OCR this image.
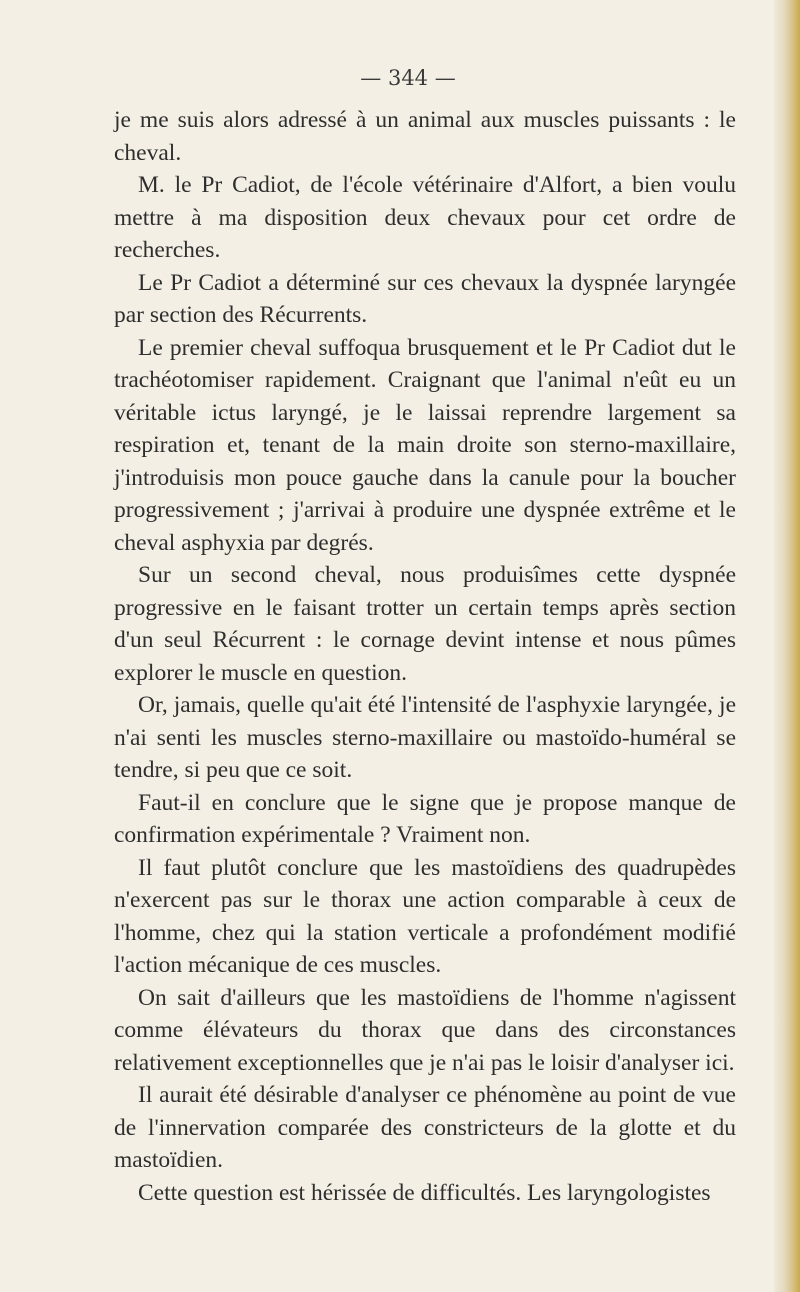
— 344 —

je me suis alors adressé à un animal aux muscles puissants : le cheval.

M. le Pr Cadiot, de l'école vétérinaire d'Alfort, a bien voulu mettre à ma disposition deux chevaux pour cet ordre de recherches.

Le Pr Cadiot a déterminé sur ces chevaux la dyspnée laryngée par section des Récurrents.

Le premier cheval suffoqua brusquement et le Pr Cadiot dut le trachéotomiser rapidement. Craignant que l'animal n'eût eu un véritable ictus laryngé, je le laissai reprendre largement sa respiration et, tenant de la main droite son sterno-maxillaire, j'introduisis mon pouce gauche dans la canule pour la boucher progressivement ; j'arrivai à produire une dyspnée extrême et le cheval asphyxia par degrés.

Sur un second cheval, nous produisîmes cette dyspnée progressive en le faisant trotter un certain temps après section d'un seul Récurrent : le cornage devint intense et nous pûmes explorer le muscle en question.

Or, jamais, quelle qu'ait été l'intensité de l'asphyxie laryngée, je n'ai senti les muscles sterno-maxillaire ou mastoïdo-huméral se tendre, si peu que ce soit.

Faut-il en conclure que le signe que je propose manque de confirmation expérimentale ? Vraiment non.

Il faut plutôt conclure que les mastoïdiens des quadrupèdes n'exercent pas sur le thorax une action comparable à ceux de l'homme, chez qui la station verticale a profondément modifié l'action mécanique de ces muscles.

On sait d'ailleurs que les mastoïdiens de l'homme n'agissent comme élévateurs du thorax que dans des circonstances relativement exceptionnelles que je n'ai pas le loisir d'analyser ici.

Il aurait été désirable d'analyser ce phénomène au point de vue de l'innervation comparée des constricteurs de la glotte et du mastoïdien.

Cette question est hérissée de difficultés. Les laryngologistes
